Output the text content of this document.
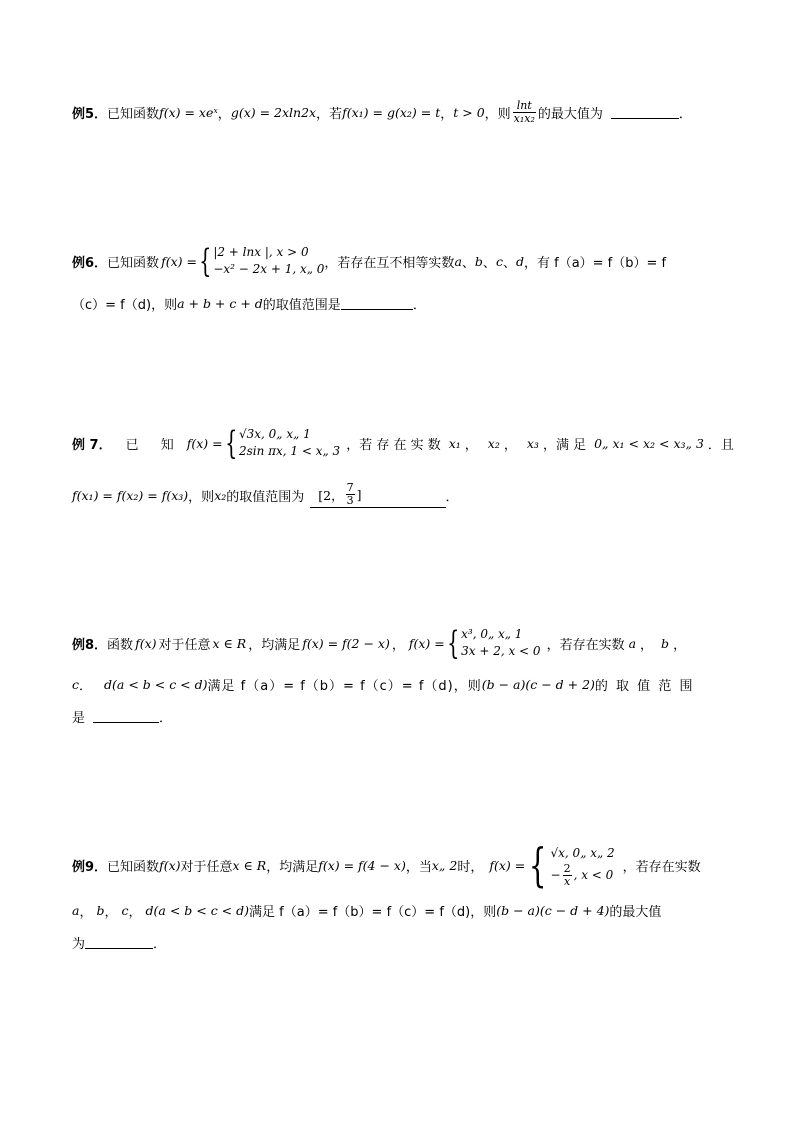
例5． 已知函数 f(x) = xeˣ ， g(x) = 2xln2x ，若 f(x₁) = g(x₂) = t ， t > 0 ，则 $\frac{\ln t}{\text{x₁x₂}}$ 的最大值为	．
例6． 已知函数 f(x) = { |2 + lnx |, x > 0
−x² − 2x + 1, x„ 0 ，若存在互不相等实数 a 、 b 、 c 、 d ，有 f（a）= f（b）= f
（c）= f（d)，则 a + b + c + d 的取值范围是	．
例 7． 已 知 f(x) = { √3x, 0„ x„ 1
2sin πx, 1 < x„ 3 ，若 存 在 实 数 x₁ ， x₂ ， x₃ ，满 足 0„ x₁ < x₂ < x₃„ 3 ．且
f(x₁) = f(x₂) = f(x₃) ，则 x₂ 的取值范围为 [2， $\frac{7}{3}$ ]	．
例8． 函数 f(x) 对于任意 x ∈ R ，均满足 f(x) = f(2 − x) ， f(x) = { x³, 0„ x„ 1
3x + 2, x < 0 ，若存在实数 a ， b ，
c ． d(a < b < c < d) 满足 f（a）= f（b）= f（c）= f（d)，则 (b − a)(c − d + 2) 的 取 值 范 围
是	．
例9． 已知函数 f(x) 对于任意 x ∈ R ，均满足 f(x) = f(4 − x) ，当 x„ 2 时， f(x) = { √x, 0„ x„ 2
− $\frac{2}{x}$ , x < 0
，若存在实数
a ， b ， c ， d(a < b < c < d) 满足 f（a）= f（b）= f（c）= f（d)，则 (b − a)(c − d + 4) 的最大值
为	．
